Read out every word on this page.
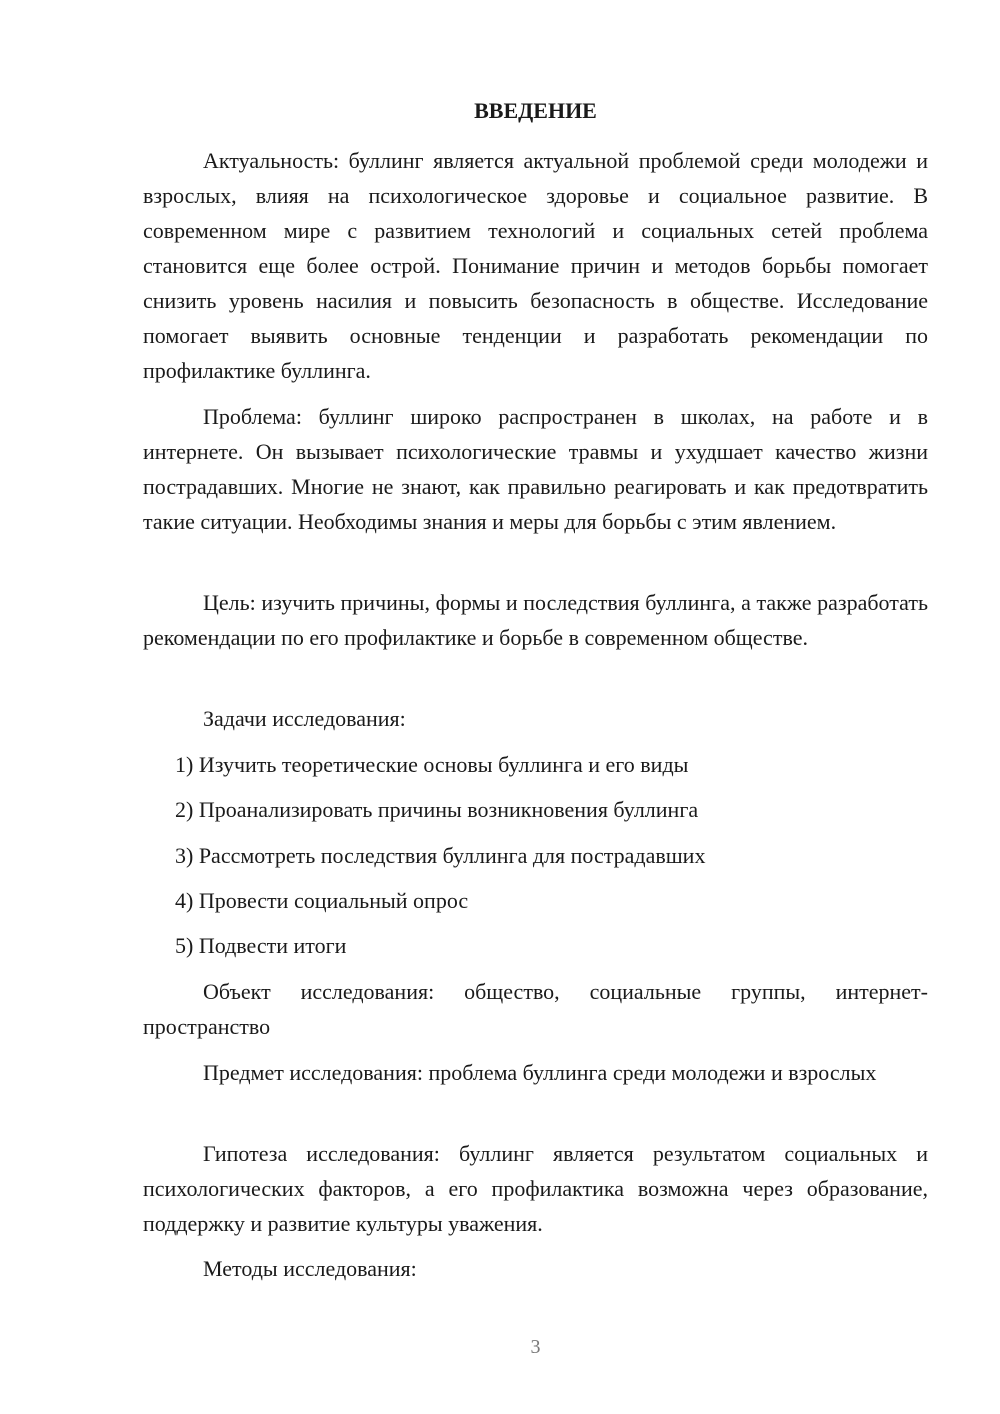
ВВЕДЕНИЕ

Актуальность: буллинг является актуальной проблемой среди молодежи и взрослых, влияя на психологическое здоровье и социальное развитие. В современном мире с развитием технологий и социальных сетей проблема становится еще более острой. Понимание причин и методов борьбы помогает снизить уровень насилия и повысить безопасность в обществе. Исследование помогает выявить основные тенденции и разработать рекомендации по профилактике буллинга.

Проблема: буллинг широко распространен в школах, на работе и в интернете. Он вызывает психологические травмы и ухудшает качество жизни пострадавших. Многие не знают, как правильно реагировать и как предотвратить такие ситуации. Необходимы знания и меры для борьбы с этим явлением.

Цель: изучить причины, формы и последствия буллинга, а также разработать рекомендации по его профилактике и борьбе в современном обществе.

Задачи исследования:

1) Изучить теоретические основы буллинга и его виды

2) Проанализировать причины возникновения буллинга

3) Рассмотреть последствия буллинга для пострадавших

4) Провести социальный опрос

5) Подвести итоги

Объект исследования: общество, социальные группы, интернет-пространство

Предмет исследования: проблема буллинга среди молодежи и взрослых

Гипотеза исследования: буллинг является результатом социальных и психологических факторов, а его профилактика возможна через образование, поддержку и развитие культуры уважения.

Методы исследования:

3
